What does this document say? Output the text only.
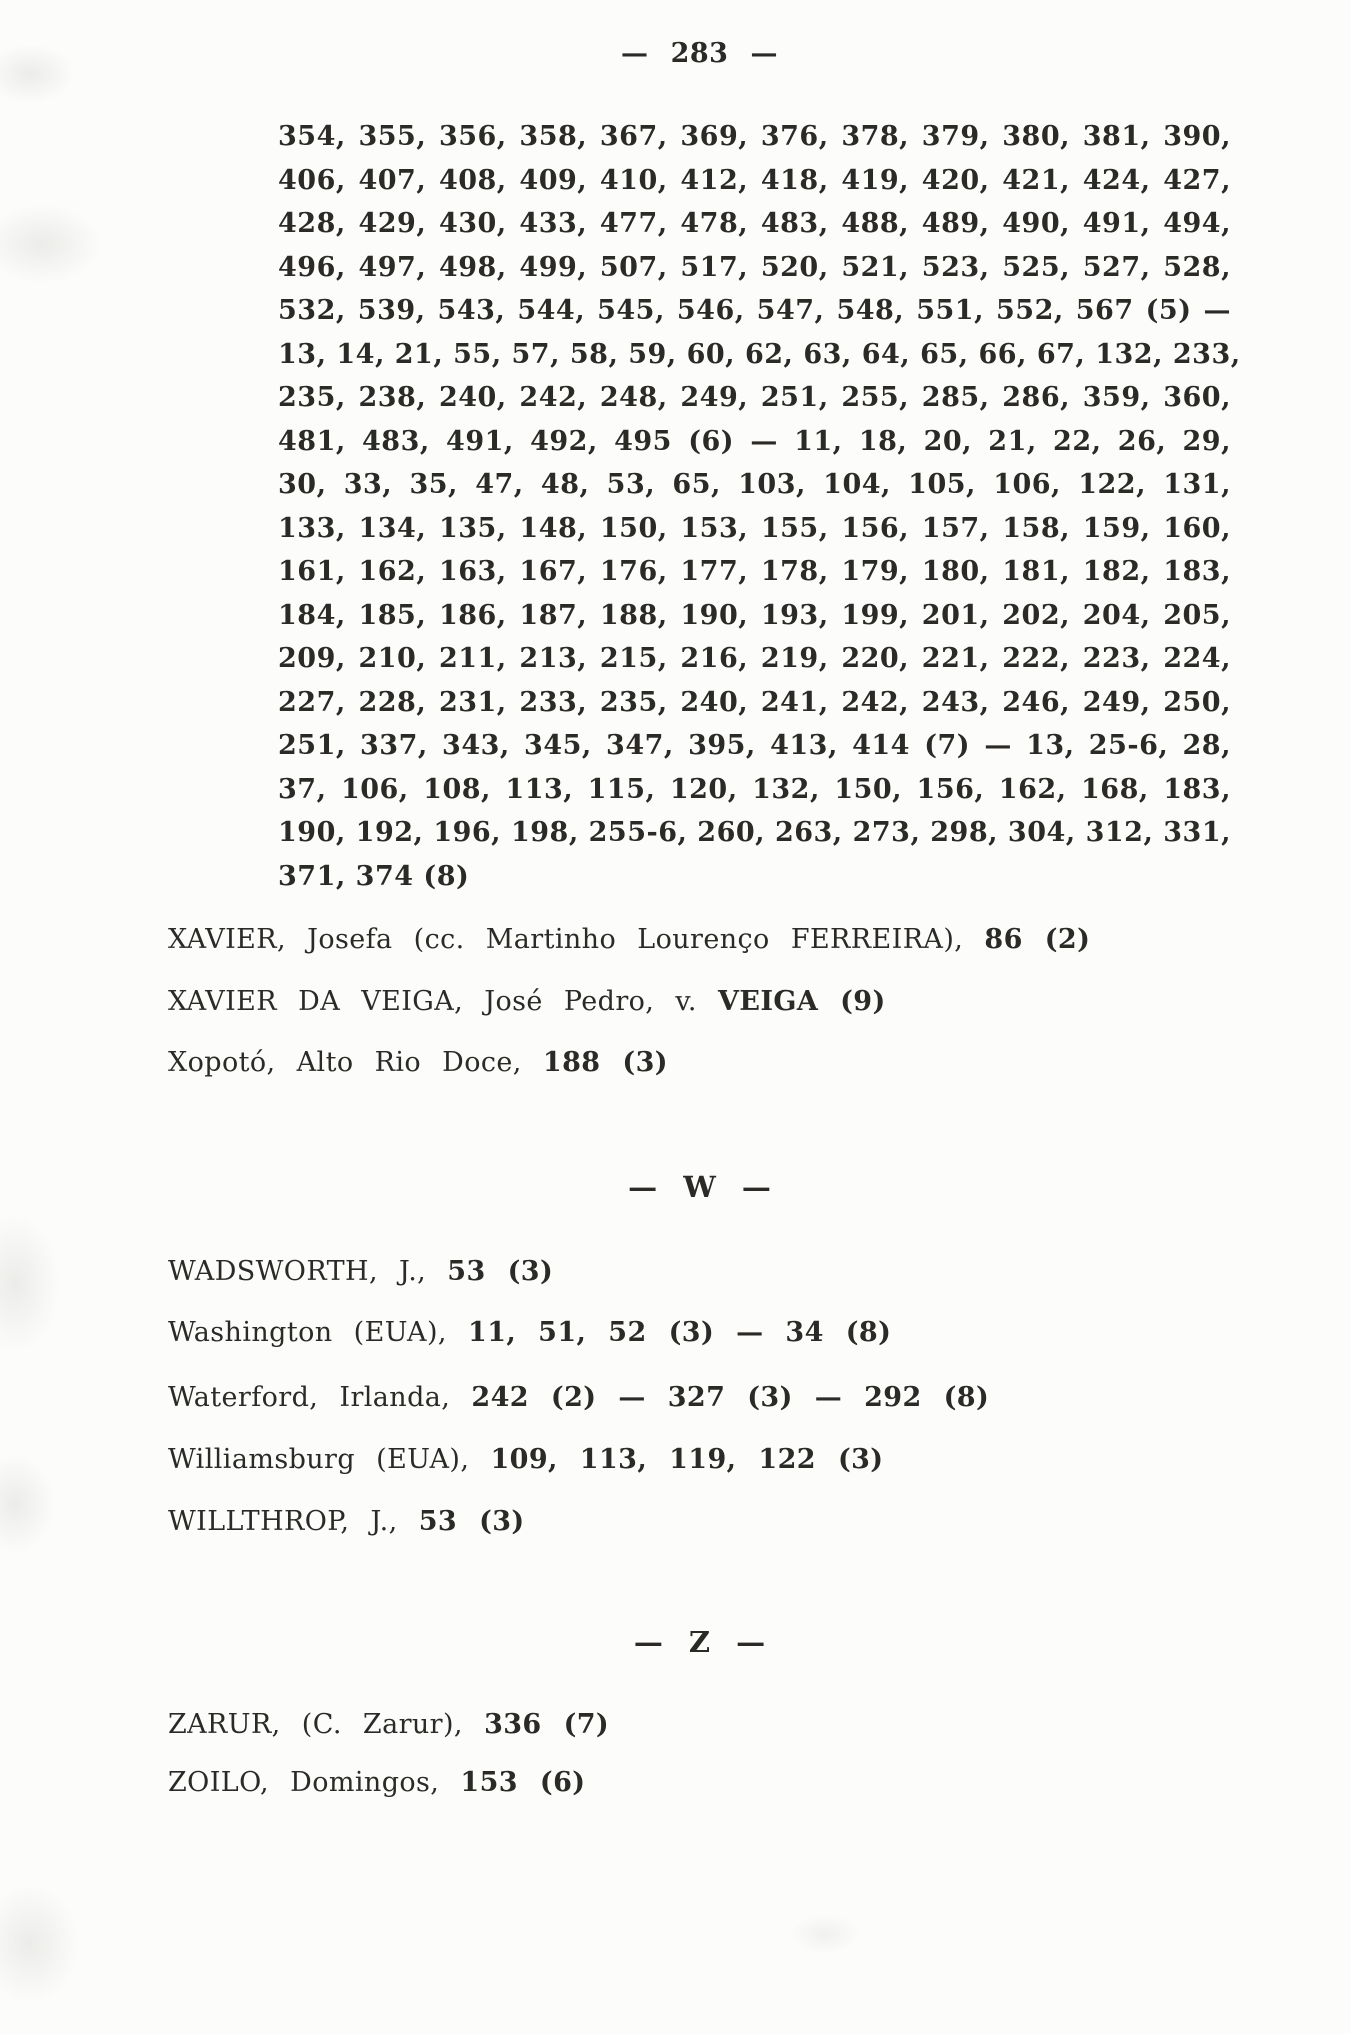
— 283 —
354, 355, 356, 358, 367, 369, 376, 378, 379, 380, 381, 390,
406, 407, 408, 409, 410, 412, 418, 419, 420, 421, 424, 427,
428, 429, 430, 433, 477, 478, 483, 488, 489, 490, 491, 494,
496, 497, 498, 499, 507, 517, 520, 521, 523, 525, 527, 528,
532, 539, 543, 544, 545, 546, 547, 548, 551, 552, 567 (5) —
13, 14, 21, 55, 57, 58, 59, 60, 62, 63, 64, 65, 66, 67, 132, 233,
235, 238, 240, 242, 248, 249, 251, 255, 285, 286, 359, 360,
481, 483, 491, 492, 495 (6) — 11, 18, 20, 21, 22, 26, 29,
30, 33, 35, 47, 48, 53, 65, 103, 104, 105, 106, 122, 131,
133, 134, 135, 148, 150, 153, 155, 156, 157, 158, 159, 160,
161, 162, 163, 167, 176, 177, 178, 179, 180, 181, 182, 183,
184, 185, 186, 187, 188, 190, 193, 199, 201, 202, 204, 205,
209, 210, 211, 213, 215, 216, 219, 220, 221, 222, 223, 224,
227, 228, 231, 233, 235, 240, 241, 242, 243, 246, 249, 250,
251, 337, 343, 345, 347, 395, 413, 414 (7) — 13, 25-6, 28,
37, 106, 108, 113, 115, 120, 132, 150, 156, 162, 168, 183,
190, 192, 196, 198, 255-6, 260, 263, 273, 298, 304, 312, 331,
371, 374 (8)
XAVIER, Josefa (cc. Martinho Lourenço FERREIRA), 86 (2)
XAVIER DA VEIGA, José Pedro, v. VEIGA (9)
Xopotó, Alto Rio Doce, 188 (3)
— W —
WADSWORTH, J., 53 (3)
Washington (EUA), 11, 51, 52 (3) — 34 (8)
Waterford, Irlanda, 242 (2) — 327 (3) — 292 (8)
Williamsburg (EUA), 109, 113, 119, 122 (3)
WILLTHROP, J., 53 (3)
— Z —
ZARUR, (C. Zarur), 336 (7)
ZOILO, Domingos, 153 (6)
